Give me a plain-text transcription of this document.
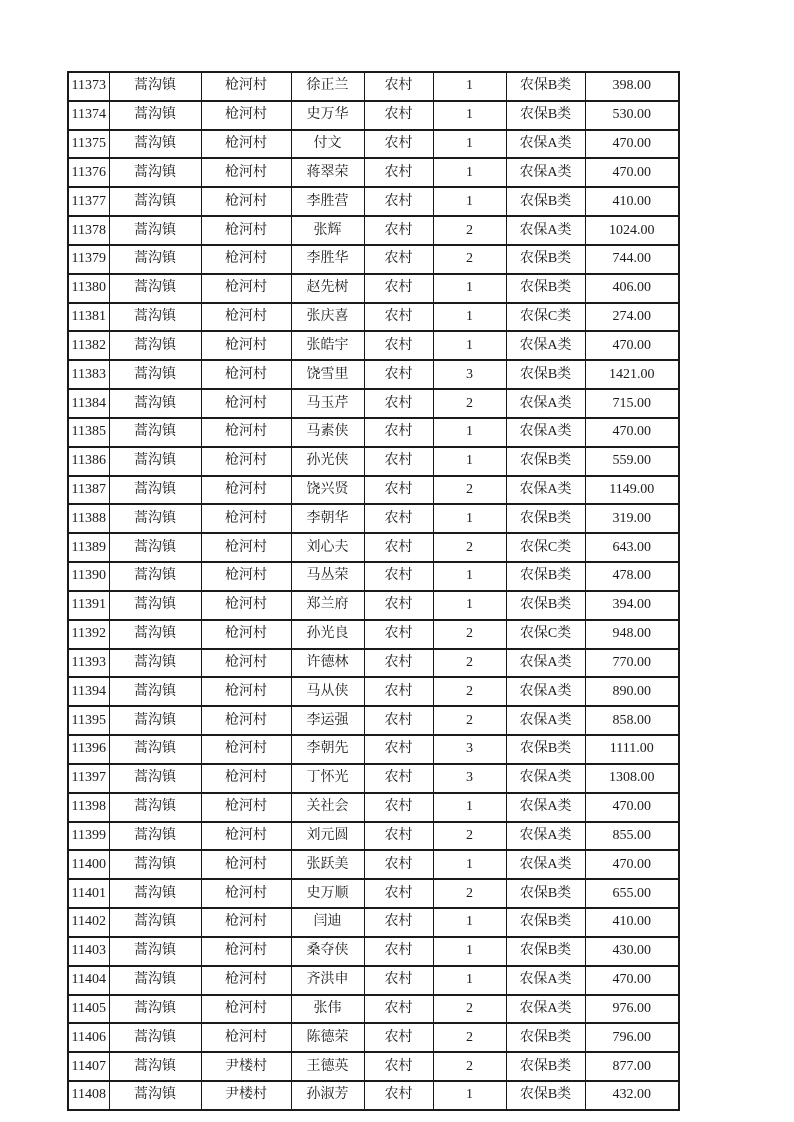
11373	蒿沟镇	枪河村	徐正兰	农村	1	农保B类	398.00
11374	蒿沟镇	枪河村	史万华	农村	1	农保B类	530.00
11375	蒿沟镇	枪河村	付文	农村	1	农保A类	470.00
11376	蒿沟镇	枪河村	蒋翠荣	农村	1	农保A类	470.00
11377	蒿沟镇	枪河村	李胜营	农村	1	农保B类	410.00
11378	蒿沟镇	枪河村	张辉	农村	2	农保A类	1024.00
11379	蒿沟镇	枪河村	李胜华	农村	2	农保B类	744.00
11380	蒿沟镇	枪河村	赵先树	农村	1	农保B类	406.00
11381	蒿沟镇	枪河村	张庆喜	农村	1	农保C类	274.00
11382	蒿沟镇	枪河村	张皓宇	农村	1	农保A类	470.00
11383	蒿沟镇	枪河村	饶雪里	农村	3	农保B类	1421.00
11384	蒿沟镇	枪河村	马玉芹	农村	2	农保A类	715.00
11385	蒿沟镇	枪河村	马素侠	农村	1	农保A类	470.00
11386	蒿沟镇	枪河村	孙光侠	农村	1	农保B类	559.00
11387	蒿沟镇	枪河村	饶兴贤	农村	2	农保A类	1149.00
11388	蒿沟镇	枪河村	李朝华	农村	1	农保B类	319.00
11389	蒿沟镇	枪河村	刘心夫	农村	2	农保C类	643.00
11390	蒿沟镇	枪河村	马丛荣	农村	1	农保B类	478.00
11391	蒿沟镇	枪河村	郑兰府	农村	1	农保B类	394.00
11392	蒿沟镇	枪河村	孙光良	农村	2	农保C类	948.00
11393	蒿沟镇	枪河村	许德林	农村	2	农保A类	770.00
11394	蒿沟镇	枪河村	马从侠	农村	2	农保A类	890.00
11395	蒿沟镇	枪河村	李运强	农村	2	农保A类	858.00
11396	蒿沟镇	枪河村	李朝先	农村	3	农保B类	1111.00
11397	蒿沟镇	枪河村	丁怀光	农村	3	农保A类	1308.00
11398	蒿沟镇	枪河村	关社会	农村	1	农保A类	470.00
11399	蒿沟镇	枪河村	刘元圆	农村	2	农保A类	855.00
11400	蒿沟镇	枪河村	张跃美	农村	1	农保A类	470.00
11401	蒿沟镇	枪河村	史万顺	农村	2	农保B类	655.00
11402	蒿沟镇	枪河村	闫迪	农村	1	农保B类	410.00
11403	蒿沟镇	枪河村	桑夺侠	农村	1	农保B类	430.00
11404	蒿沟镇	枪河村	齐洪申	农村	1	农保A类	470.00
11405	蒿沟镇	枪河村	张伟	农村	2	农保A类	976.00
11406	蒿沟镇	枪河村	陈德荣	农村	2	农保B类	796.00
11407	蒿沟镇	尹楼村	王德英	农村	2	农保B类	877.00
11408	蒿沟镇	尹楼村	孙淑芳	农村	1	农保B类	432.00
